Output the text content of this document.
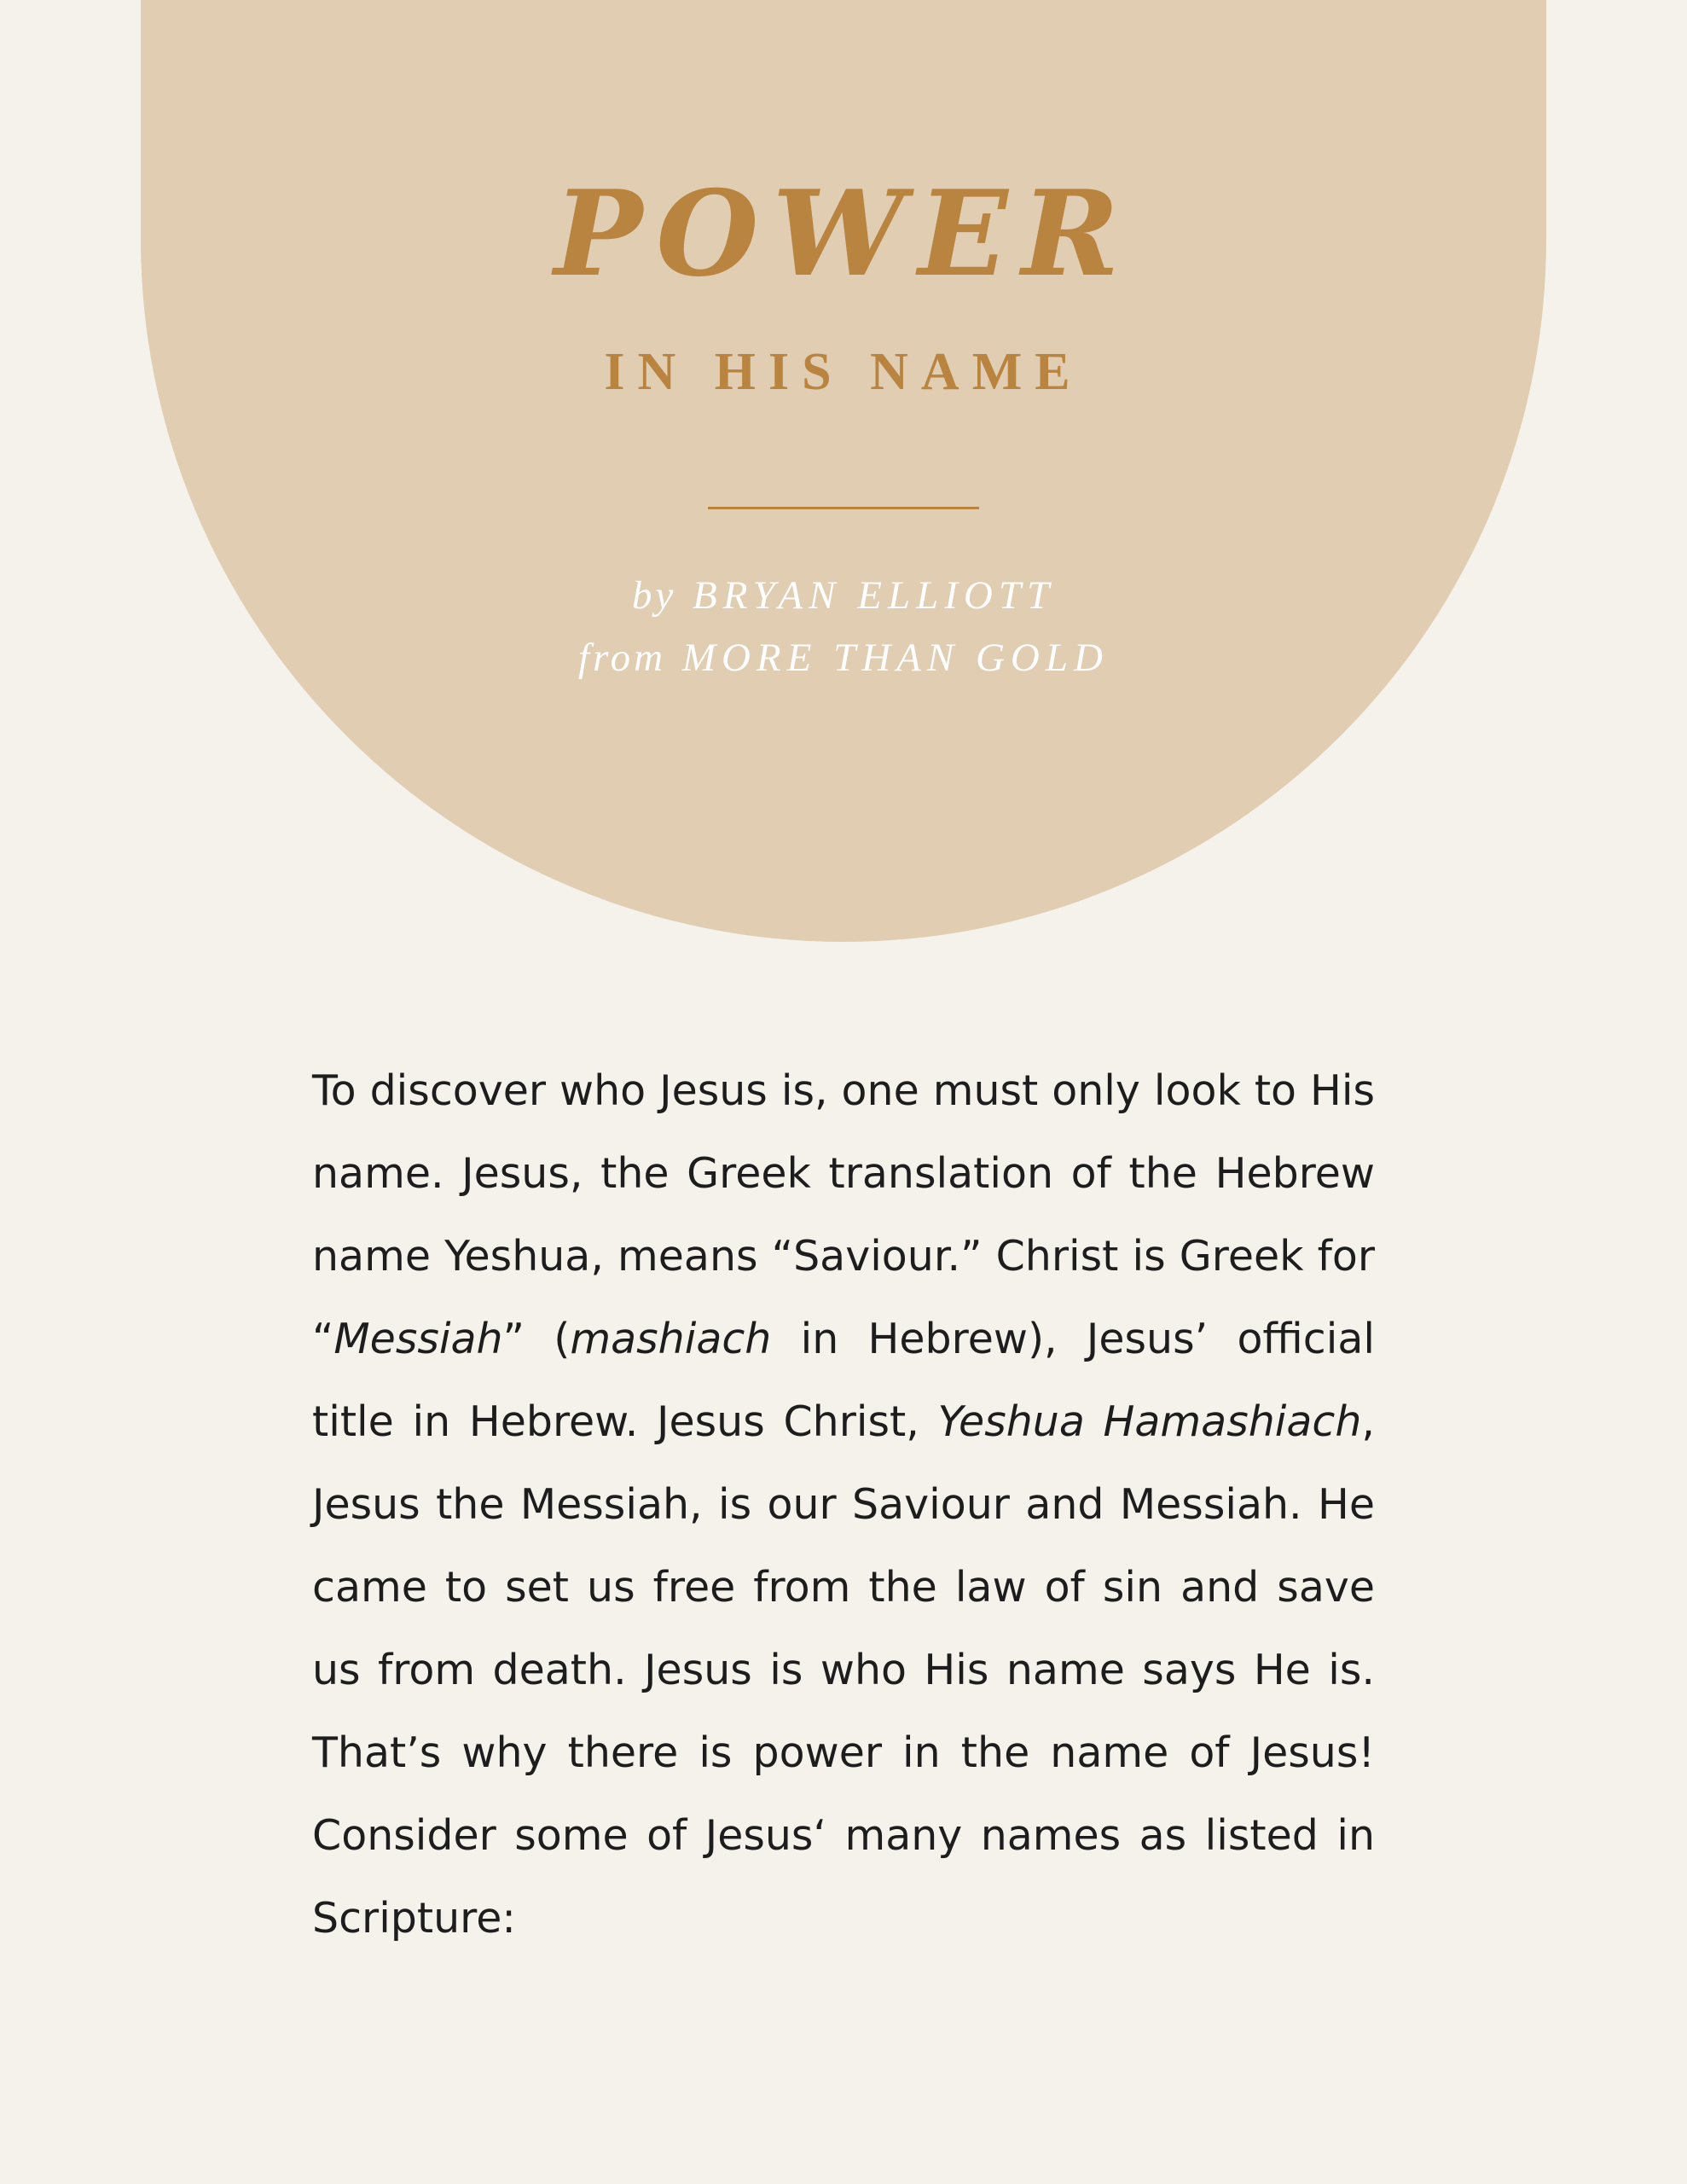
POWER
IN HIS NAME
by BRYAN ELLIOTT
from MORE THAN GOLD

To discover who Jesus is, one must only look to His name. Jesus, the Greek translation of the Hebrew name Yeshua, means “Saviour.” Christ is Greek for “Messiah” (mashiach in Hebrew), Jesus’ official title in Hebrew. Jesus Christ, Yeshua Hamashiach, Jesus the Messiah, is our Saviour and Messiah. He came to set us free from the law of sin and save us from death. Jesus is who His name says He is. That’s why there is power in the name of Jesus! Consider some of Jesus‘ many names as listed in Scripture:
